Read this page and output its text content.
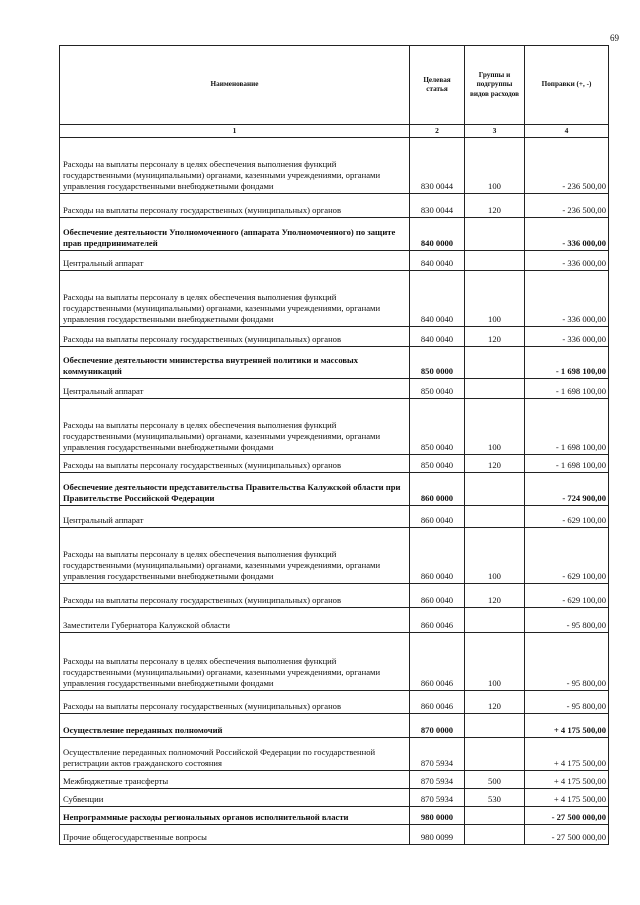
69
Наименование	Целевая статья	Группы и подгруппы видов расходов	Поправки (+, -)
1	2	3	4
Расходы на выплаты персоналу в целях обеспечения выполнения функций государственными (муниципальными) органами, казенными учреждениями, органами управления государственными внебюджетными фондами	830 0044	100	- 236 500,00
Расходы на выплаты персоналу государственных (муниципальных) органов	830 0044	120	- 236 500,00
Обеспечение деятельности Уполномоченного (аппарата Уполномоченного) по защите прав предпринимателей	840 0000		- 336 000,00
Центральный аппарат	840 0040		- 336 000,00
Расходы на выплаты персоналу в целях обеспечения выполнения функций государственными (муниципальными) органами, казенными учреждениями, органами управления государственными внебюджетными фондами	840 0040	100	- 336 000,00
Расходы на выплаты персоналу государственных (муниципальных) органов	840 0040	120	- 336 000,00
Обеспечение деятельности министерства внутренней политики и массовых коммуникаций	850 0000		- 1 698 100,00
Центральный аппарат	850 0040		- 1 698 100,00
Расходы на выплаты персоналу в целях обеспечения выполнения функций государственными (муниципальными) органами, казенными учреждениями, органами управления государственными внебюджетными фондами	850 0040	100	- 1 698 100,00
Расходы на выплаты персоналу государственных (муниципальных) органов	850 0040	120	- 1 698 100,00
Обеспечение деятельности представительства Правительства Калужской области при Правительстве Российской Федерации	860 0000		- 724 900,00
Центральный аппарат	860 0040		- 629 100,00
Расходы на выплаты персоналу в целях обеспечения выполнения функций государственными (муниципальными) органами, казенными учреждениями, органами управления государственными внебюджетными фондами	860 0040	100	- 629 100,00
Расходы на выплаты персоналу государственных (муниципальных) органов	860 0040	120	- 629 100,00
Заместители Губернатора Калужской области	860 0046		- 95 800,00
Расходы на выплаты персоналу в целях обеспечения выполнения функций государственными (муниципальными) органами, казенными учреждениями, органами управления государственными внебюджетными фондами	860 0046	100	- 95 800,00
Расходы на выплаты персоналу государственных (муниципальных) органов	860 0046	120	- 95 800,00
Осуществление переданных полномочий	870 0000		+ 4 175 500,00
Осуществление переданных полномочий Российской Федерации по государственной регистрации актов гражданского состояния	870 5934		+ 4 175 500,00
Межбюджетные трансферты	870 5934	500	+ 4 175 500,00
Субвенции	870 5934	530	+ 4 175 500,00
Непрограммные расходы региональных органов исполнительной власти	980 0000		- 27 500 000,00
Прочие общегосударственные вопросы	980 0099		- 27 500 000,00
